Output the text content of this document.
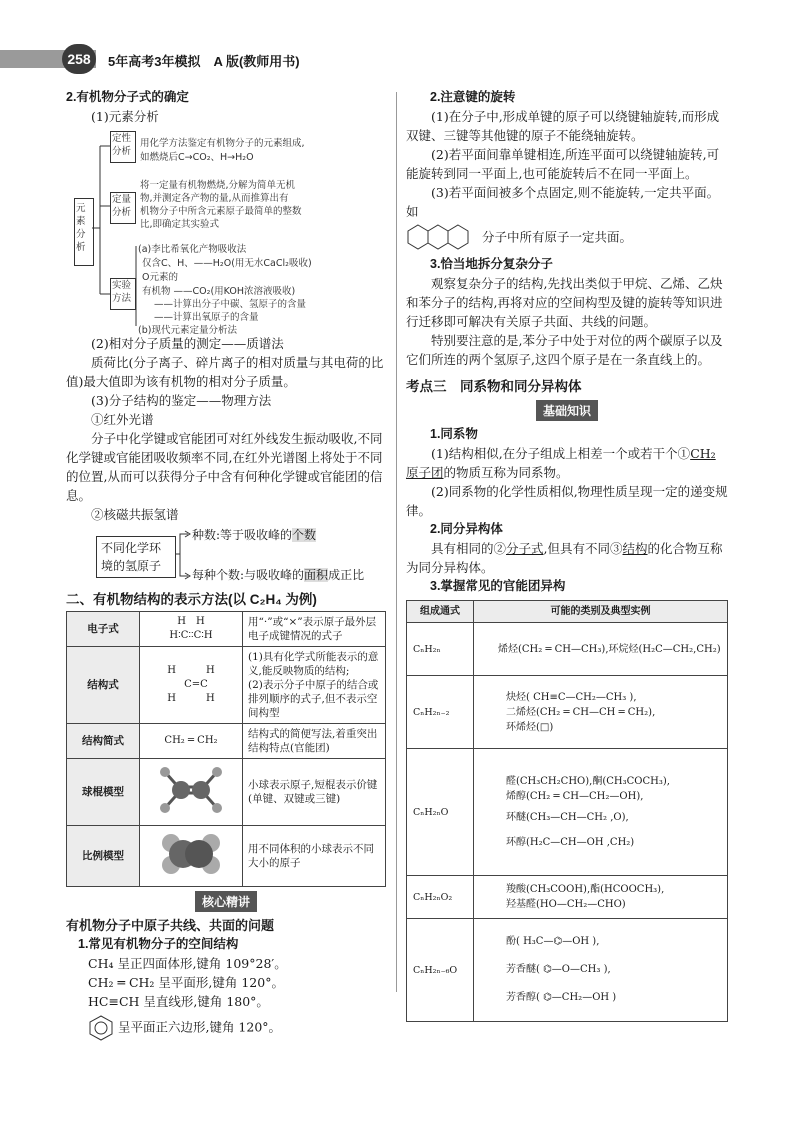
258	5年高考3年模拟　A 版(教师用书)

2.有机物分子式的确定

(1)元素分析

元素分析
定性分析
用化学方法鉴定有机物分子的元素组成,
如燃烧后C→CO₂、H→H₂O
定量分析
将一定量有机物燃烧,分解为简单无机
物,并测定各产物的量,从而推算出有
机物分子中所含元素原子最简单的整数
比,即确定其实验式
实验方法
(a)李比希氧化产物吸收法
仅含C、H、——H₂O(用无水CaCl₂吸收)
O元素的
有机物 ——CO₂(用KOH浓溶液吸收)
——计算出分子中碳、氢原子的含量
——计算出氧原子的含量
(b)现代元素定量分析法

(2)相对分子质量的测定——质谱法

质荷比(分子离子、碎片离子的相对质量与其电荷的比值)最大值即为该有机物的相对分子质量。

(3)分子结构的鉴定——物理方法

①红外光谱

分子中化学键或官能团可对红外线发生振动吸收,不同化学键或官能团吸收频率不同,在红外光谱图上将处于不同的位置,从而可以获得分子中含有何种化学键或官能团的信息。

②核磁共振氢谱

不同化学环境的氢原子

种数:等于吸收峰的个数

每种个数:与吸收峰的面积成正比

二、有机物结构的表示方法(以 C₂H₄ 为例)

电子式	H　H
H∶C∶∶C∶H	用“·”或“×”表示原子最外层电子成键情况的式子
结构式	H　　　H
　C=C
H　　　H	(1)具有化学式所能表示的意义,能反映物质的结构;
(2)表示分子中原子的结合或排列顺序的式子,但不表示空间构型
结构简式	CH₂ ═ CH₂	结构式的简便写法,着重突出结构特点(官能团)
球棍模型		小球表示原子,短棍表示价键(单键、双键或三键)
比例模型		用不同体积的小球表示不同大小的原子
核心精讲

有机物分子中原子共线、共面的问题

1.常见有机物分子的空间结构

CH₄ 呈正四面体形,键角 109°28′。

CH₂ ═ CH₂ 呈平面形,键角 120°。

HC≡CH 呈直线形,键角 180°。

呈平面正六边形,键角 120°。

2.注意键的旋转

(1)在分子中,形成单键的原子可以绕键轴旋转,而形成双键、三键等其他键的原子不能绕轴旋转。

(2)若平面间靠单键相连,所连平面可以绕键轴旋转,可能旋转到同一平面上,也可能旋转后不在同一平面上。

(3)若平面间被多个点固定,则不能旋转,一定共平面。如

分子中所有原子一定共面。

3.恰当地拆分复杂分子

观察复杂分子的结构,先找出类似于甲烷、乙烯、乙炔和苯分子的结构,再将对应的空间构型及键的旋转等知识进行迁移即可解决有关原子共面、共线的问题。

特别要注意的是,苯分子中处于对位的两个碳原子以及它们所连的两个氢原子,这四个原子是在一条直线上的。

考点三　同系物和同分异构体

基础知识

1.同系物

(1)结构相似,在分子组成上相差一个或若干个①CH₂ 原子团的物质互称为同系物。

(2)同系物的化学性质相似,物理性质呈现一定的递变规律。

2.同分异构体

具有相同的②分子式,但具有不同③结构的化合物互称为同分异构体。

3.掌握常见的官能团异构

组成通式	可能的类别及典型实例
CₙH₂ₙ	烯烃(CH₂ ═ CH—CH₃),环烷烃(H₂C—CH₂,CH₂)

CₙH₂ₙ₋₂	炔烃( CH≡C—CH₂—CH₃ ),
二烯烃(CH₂ ═ CH—CH ═ CH₂),
环烯烃(□)

CₙH₂ₙO	醛(CH₃CH₂CHO),酮(CH₃COCH₃),
烯醇(CH₂ ═ CH—CH₂—OH),
环醚(CH₃—CH—CH₂ ,O),
环醇(H₂C—CH—OH ,CH₂)

CₙH₂ₙO₂	羧酸(CH₃COOH),酯(HCOOCH₃),
羟基醛(HO—CH₂—CHO)

CₙH₂ₙ₋₆O	酚( H₃C—⌬—OH ),
芳香醚( ⌬—O—CH₃ ),
芳香醇( ⌬—CH₂—OH )
